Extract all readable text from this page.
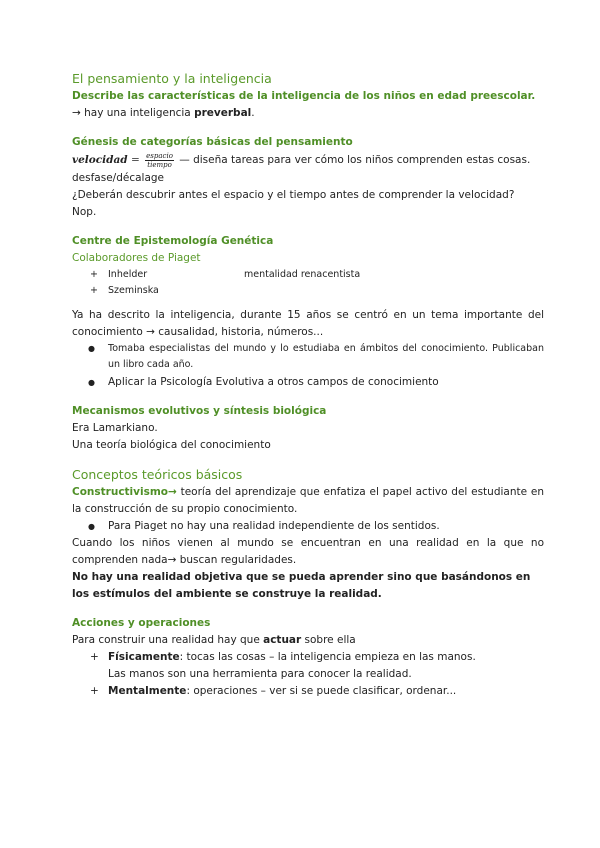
El pensamiento y la inteligencia

Describe las características de la inteligencia de los niños en edad preescolar.

→ hay una inteligencia preverbal.

Génesis de categorías básicas del pensamiento

velocidad = $\frac{\text{espacio}}{\text{tiempo}}$ — diseña tareas para ver cómo los niños comprenden estas cosas.

desfase/décalage

¿Deberán descubrir antes el espacio y el tiempo antes de comprender la velocidad?

Nop.

Centre de Epistemología Genética

Colaboradores de Piaget

+ Inhelder	mentalidad renacentista
+ Szeminska

Ya ha descrito la inteligencia, durante 15 años se centró en un tema importante del conocimiento → causalidad, historia, números...

● Tomaba especialistas del mundo y lo estudiaba en ámbitos del conocimiento. Publicaban un libro cada año.
● Aplicar la Psicología Evolutiva a otros campos de conocimiento

Mecanismos evolutivos y síntesis biológica

Era Lamarkiano.

Una teoría biológica del conocimiento

Conceptos teóricos básicos

Constructivismo→ teoría del aprendizaje que enfatiza el papel activo del estudiante en la construcción de su propio conocimiento.

● Para Piaget no hay una realidad independiente de los sentidos.

Cuando los niños vienen al mundo se encuentran en una realidad en la que no comprenden nada→ buscan regularidades.

No hay una realidad objetiva que se pueda aprender sino que basándonos en los estímulos del ambiente se construye la realidad.

Acciones y operaciones

Para construir una realidad hay que actuar sobre ella

+ Físicamente: tocas las cosas – la inteligencia empieza en las manos.
Las manos son una herramienta para conocer la realidad.
+ Mentalmente: operaciones – ver si se puede clasificar, ordenar...
